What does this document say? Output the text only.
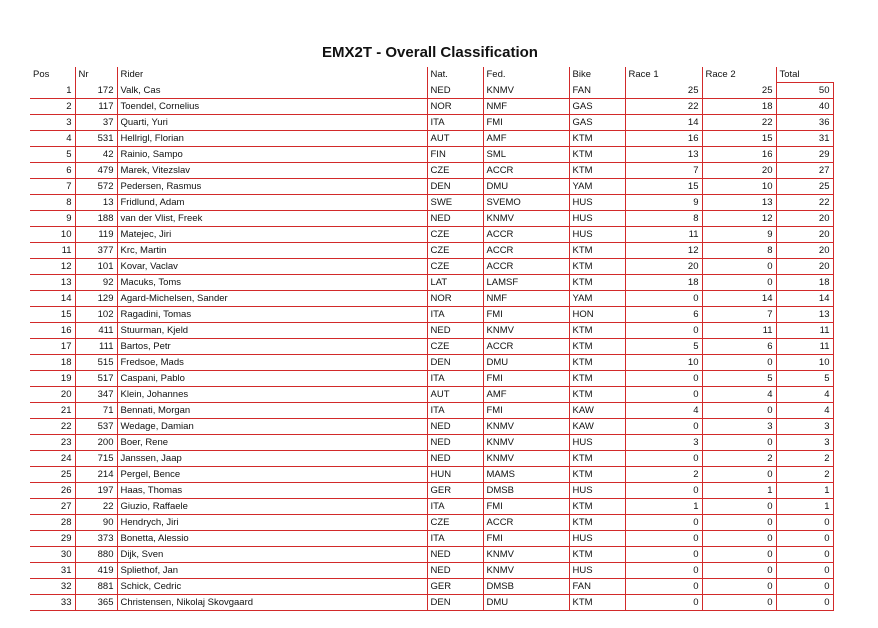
EMX2T - Overall Classification
Pos	Nr	Rider	Nat.	Fed.	Bike	Race 1	Race 2	Total
1	172	Valk, Cas	NED	KNMV	FAN	25	25	50
2	117	Toendel, Cornelius	NOR	NMF	GAS	22	18	40
3	37	Quarti, Yuri	ITA	FMI	GAS	14	22	36
4	531	Hellrigl, Florian	AUT	AMF	KTM	16	15	31
5	42	Rainio, Sampo	FIN	SML	KTM	13	16	29
6	479	Marek, Vitezslav	CZE	ACCR	KTM	7	20	27
7	572	Pedersen, Rasmus	DEN	DMU	YAM	15	10	25
8	13	Fridlund, Adam	SWE	SVEMO	HUS	9	13	22
9	188	van der Vlist, Freek	NED	KNMV	HUS	8	12	20
10	119	Matejec, Jiri	CZE	ACCR	HUS	11	9	20
11	377	Krc, Martin	CZE	ACCR	KTM	12	8	20
12	101	Kovar, Vaclav	CZE	ACCR	KTM	20	0	20
13	92	Macuks, Toms	LAT	LAMSF	KTM	18	0	18
14	129	Agard-Michelsen, Sander	NOR	NMF	YAM	0	14	14
15	102	Ragadini, Tomas	ITA	FMI	HON	6	7	13
16	411	Stuurman, Kjeld	NED	KNMV	KTM	0	11	11
17	111	Bartos, Petr	CZE	ACCR	KTM	5	6	11
18	515	Fredsoe, Mads	DEN	DMU	KTM	10	0	10
19	517	Caspani, Pablo	ITA	FMI	KTM	0	5	5
20	347	Klein, Johannes	AUT	AMF	KTM	0	4	4
21	71	Bennati, Morgan	ITA	FMI	KAW	4	0	4
22	537	Wedage, Damian	NED	KNMV	KAW	0	3	3
23	200	Boer, Rene	NED	KNMV	HUS	3	0	3
24	715	Janssen, Jaap	NED	KNMV	KTM	0	2	2
25	214	Pergel, Bence	HUN	MAMS	KTM	2	0	2
26	197	Haas, Thomas	GER	DMSB	HUS	0	1	1
27	22	Giuzio, Raffaele	ITA	FMI	KTM	1	0	1
28	90	Hendrych, Jiri	CZE	ACCR	KTM	0	0	0
29	373	Bonetta, Alessio	ITA	FMI	HUS	0	0	0
30	880	Dijk, Sven	NED	KNMV	KTM	0	0	0
31	419	Spliethof, Jan	NED	KNMV	HUS	0	0	0
32	881	Schick, Cedric	GER	DMSB	FAN	0	0	0
33	365	Christensen, Nikolaj Skovgaard	DEN	DMU	KTM	0	0	0
